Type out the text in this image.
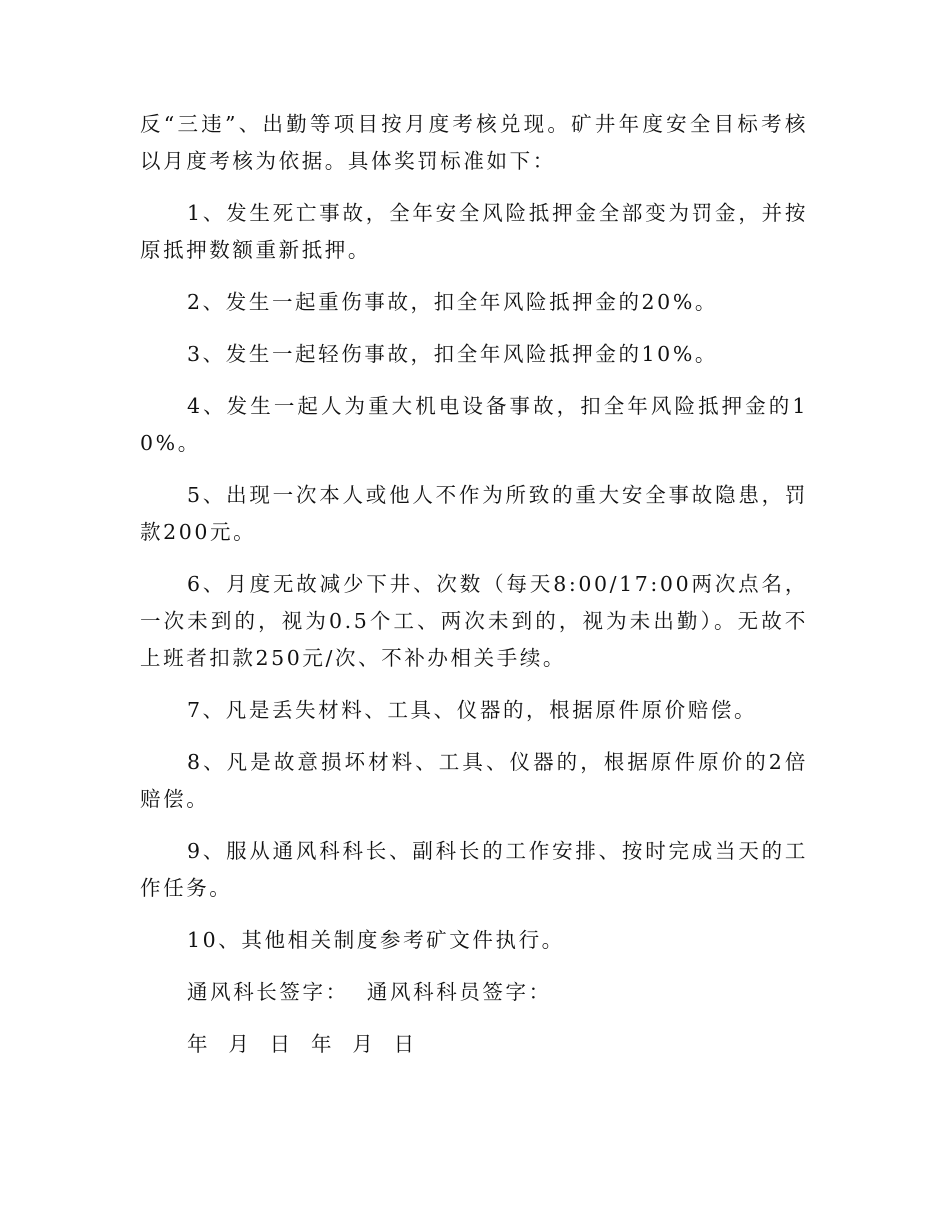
反“三违”、出勤等项目按月度考核兑现。矿井年度安全目标考核以月度考核为依据。具体奖罚标准如下：

1、发生死亡事故，全年安全风险抵押金全部变为罚金，并按原抵押数额重新抵押。

2、发生一起重伤事故，扣全年风险抵押金的20%。

3、发生一起轻伤事故，扣全年风险抵押金的10%。

4、发生一起人为重大机电设备事故，扣全年风险抵押金的10%。

5、出现一次本人或他人不作为所致的重大安全事故隐患，罚款200元。

6、月度无故减少下井、次数（每天8:00/17:00两次点名，一次未到的，视为0.5个工、两次未到的，视为未出勤）。无故不上班者扣款250元/次、不补办相关手续。

7、凡是丢失材料、工具、仪器的，根据原件原价赔偿。

8、凡是故意损坏材料、工具、仪器的，根据原件原价的2倍赔偿。

9、服从通风科科长、副科长的工作安排、按时完成当天的工作任务。

10、其他相关制度参考矿文件执行。

通风科长签字：  通风科科员签字：

年  月  日  年  月  日
